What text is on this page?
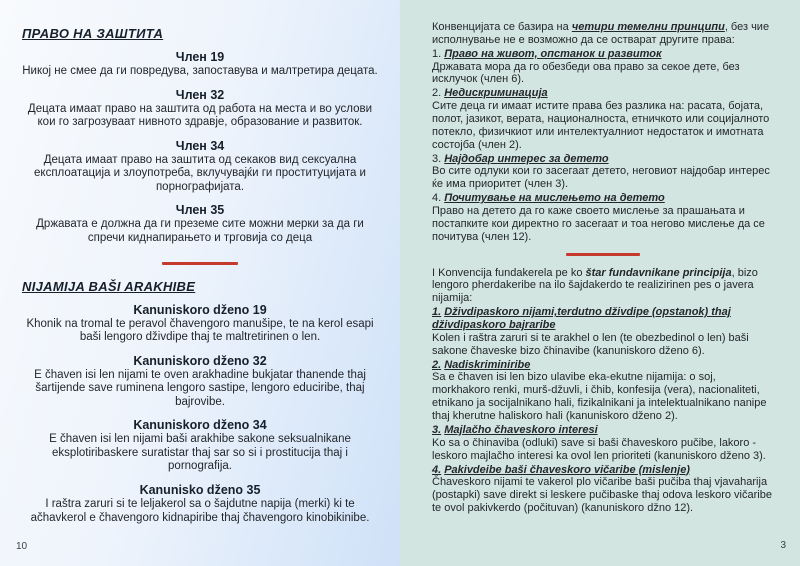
ПРАВО НА ЗАШТИТА
Член 19

Никој не смее да ги повредува, запоставува и малтретира децата.

Член 32

Децата имаат право на заштита од работа на места и во услови кои го загрозуваат нивното здравје, образование и развиток.

Член 34

Децата имаат право на заштита од секаков вид сексуална експлоатација и злоупотреба, вклучувајќи ги проституцијата и порнографијата.

Член 35

Државата е должна да ги преземе сите можни мерки за да ги спречи киднапирањето и трговија со деца

NIJAMIJA BAŠI ARAKHIBE
Kanuniskoro dženo 19

Khonik na tromal te peravol čhavengoro manušipe, te na kerol esapi baši lengoro dživdipe thaj te maltretirinen o len.

Kanuniskoro dženo 32

E čhaven isi len nijami te oven arakhadine bukjatar thanende thaj šartijende save ruminena lengoro sastipe, lengoro educiribe, thaj bajrovibe.

Kanuniskoro dženo 34

E čhaven isi len nijami baši arakhibe sakone seksualnikane eksplotiribaskere suratistar thaj sar so si i prostitucija thaj i pornografija.

Kanunisko dženo 35

I raštra zaruri si te leljakerol sa o šajdutne napija (merki) ki te ačhavkerol e čhavengoro kidnapiribe thaj čhavengoro kinobikinibe.

10

Конвенцијата се базира на четири темелни принципи, без чие исполнување не е возможно да се остварат другите права:

1. Право на живот, опстанок и развиток

Државата мора да го обезбеди ова право за секое дете, без исклучок (член 6).

2. Недискриминација

Сите деца ги имаат истите права без разлика на: расата, бојата, полот, јазикот, верата, националноста, етничкото или социјалното потекло, физичкиот или интелектуалниот недостаток и имотната состојба (член 2).

3. Најдобар интерес за детето

Во сите одлуки кои го засегаат детето, неговиот најдобар интерес ќе има приоритет (член 3).

4. Почитување на мислењето на детето

Право на детето да го каже своето мислење за прашањата и постапките кои директно го засегаат и тоа негово мислење да се почитува (член 12).

I Konvencija fundakerela pe ko štar fundavnikane principija, bizo lengoro pherdakeribe na ilo šajdakerdo te realizirinen pes o javera nijamija:

1. Dživdipaskoro nijami,terdutno dživdipe (opstanok) thaj dživdipaskoro bajraribe

Kolen i raštra zaruri si te arakhel o len (te obezbedinol o len) baši sakone čhaveske bizo čhinavibe (kanuniskoro dženo 6).

2. Nadiskriminiribe

Sa e čhaven isi len bizo ulavibe eka-ekutne nijamija: o soj, morkhakoro renki, murš-džuvli, i čhib, konfesija (vera), nacionaliteti, etnikano ja socijalnikano hali, fizikalnikani ja intelektualnikano nanipe thaj kherutne haliskoro hali (kanuniskoro dženo 2).

3. Majlačho čhaveskoro interesi

Ko sa o čhinaviba (odluki) save si baši čhaveskoro pučibe, lakoro - leskoro majlačho interesi ka ovol len prioriteti (kanuniskoro dženo 3).

4. Pakivdeibe baši čhaveskoro vičaribe (mislenje)

Čhaveskoro nijami te vakerol plo vičaribe baši pučiba thaj vjavaharija (postapki) save direkt si leskere pučibaske thaj odova leskoro vičaribe te ovol pakivkerdo (počituvan) (kanuniskoro džno 12).

3
